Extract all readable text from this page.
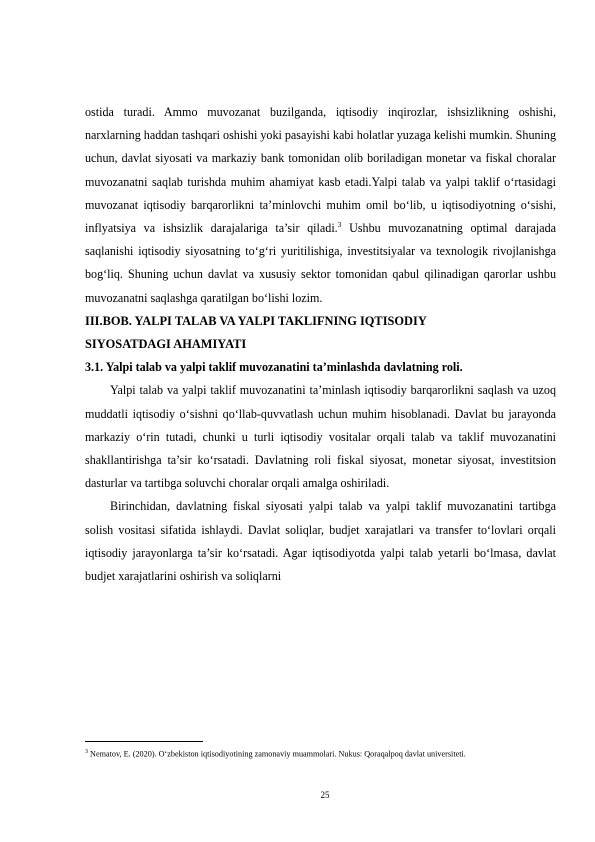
ostida turadi. Ammo muvozanat buzilganda, iqtisodiy inqirozlar, ishsizlikning oshishi, narxlarning haddan tashqari oshishi yoki pasayishi kabi holatlar yuzaga kelishi mumkin. Shuning uchun, davlat siyosati va markaziy bank tomonidan olib boriladigan monetar va fiskal choralar muvozanatni saqlab turishda muhim ahamiyat kasb etadi.Yalpi talab va yalpi taklif o‘rtasidagi muvozanat iqtisodiy barqarorlikni ta’minlovchi muhim omil bo‘lib, u iqtisodiyotning o‘sishi, inflyatsiya va ishsizlik darajalariga ta’sir qiladi.$^3$ Ushbu muvozanatning optimal darajada saqlanishi iqtisodiy siyosatning to‘g‘ri yuritilishiga, investitsiyalar va texnologik rivojlanishga bog‘liq. Shuning uchun davlat va xususiy sektor tomonidan qabul qilinadigan qarorlar ushbu muvozanatni saqlashga qaratilgan bo‘lishi lozim.

III.BOB. YALPI TALAB VA YALPI TAKLIFNING IQTISODIY

SIYOSATDAGI AHAMIYATI

3.1. Yalpi talab va yalpi taklif muvozanatini ta’minlashda davlatning roli.

Yalpi talab va yalpi taklif muvozanatini ta’minlash iqtisodiy barqarorlikni saqlash va uzoq muddatli iqtisodiy o‘sishni qo‘llab-quvvatlash uchun muhim hisoblanadi. Davlat bu jarayonda markaziy o‘rin tutadi, chunki u turli iqtisodiy vositalar orqali talab va taklif muvozanatini shakllantirishga ta’sir ko‘rsatadi. Davlatning roli fiskal siyosat, monetar siyosat, investitsion dasturlar va tartibga soluvchi choralar orqali amalga oshiriladi.

Birinchidan, davlatning fiskal siyosati yalpi talab va yalpi taklif muvozanatini tartibga solish vositasi sifatida ishlaydi. Davlat soliqlar, budjet xarajatlari va transfer to‘lovlari orqali iqtisodiy jarayonlarga ta’sir ko‘rsatadi. Agar iqtisodiyotda yalpi talab yetarli bo‘lmasa, davlat budjet xarajatlarini oshirish va soliqlarni

$^3$ Nematov, E. (2020). O‘zbekiston iqtisodiyotining zamonaviy muammolari. Nukus: Qoraqalpoq davlat universiteti.
25
